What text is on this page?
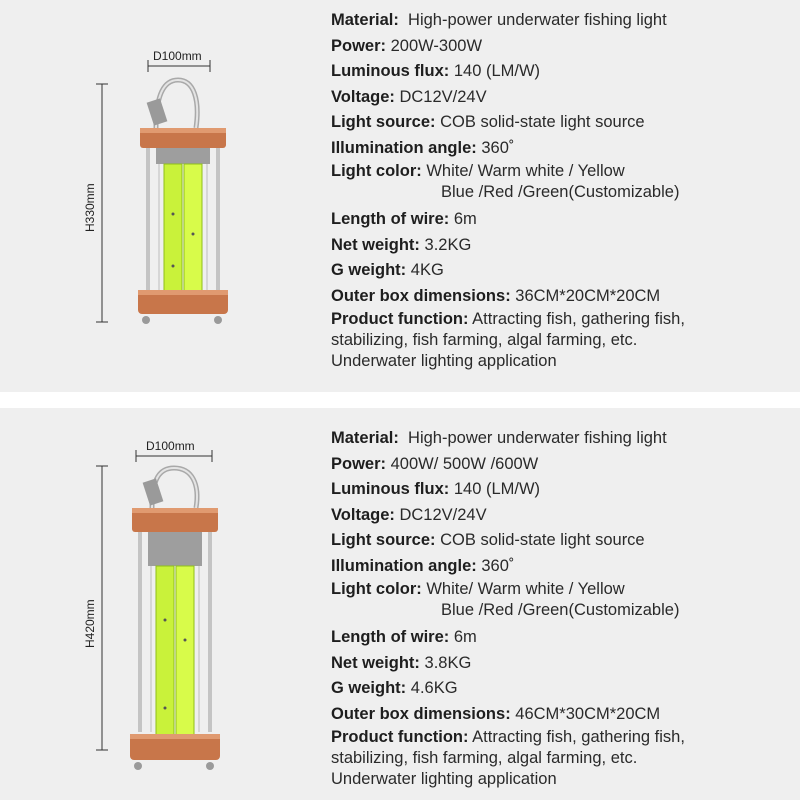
D100mm
H330mm
Material: High-power underwater fishing light
Power: 200W-300W
Luminous flux: 140 (LM/W)
Voltage: DC12V/24V
Light source: COB solid-state light source
Illumination angle: 360˚
Light color: White/ Warm white / Yellow
Blue /Red /Green(Customizable)
Length of wire: 6m
Net weight: 3.2KG
G weight: 4KG
Outer box dimensions: 36CM*20CM*20CM
Product function: Attracting fish, gathering fish,
stabilizing, fish farming, algal farming, etc.
Underwater lighting application
D100mm
H420mm
Material: High-power underwater fishing light
Power: 400W/ 500W /600W
Luminous flux: 140 (LM/W)
Voltage: DC12V/24V
Light source: COB solid-state light source
Illumination angle: 360˚
Light color: White/ Warm white / Yellow
Blue /Red /Green(Customizable)
Length of wire: 6m
Net weight: 3.8KG
G weight: 4.6KG
Outer box dimensions: 46CM*30CM*20CM
Product function: Attracting fish, gathering fish,
stabilizing, fish farming, algal farming, etc.
Underwater lighting application
